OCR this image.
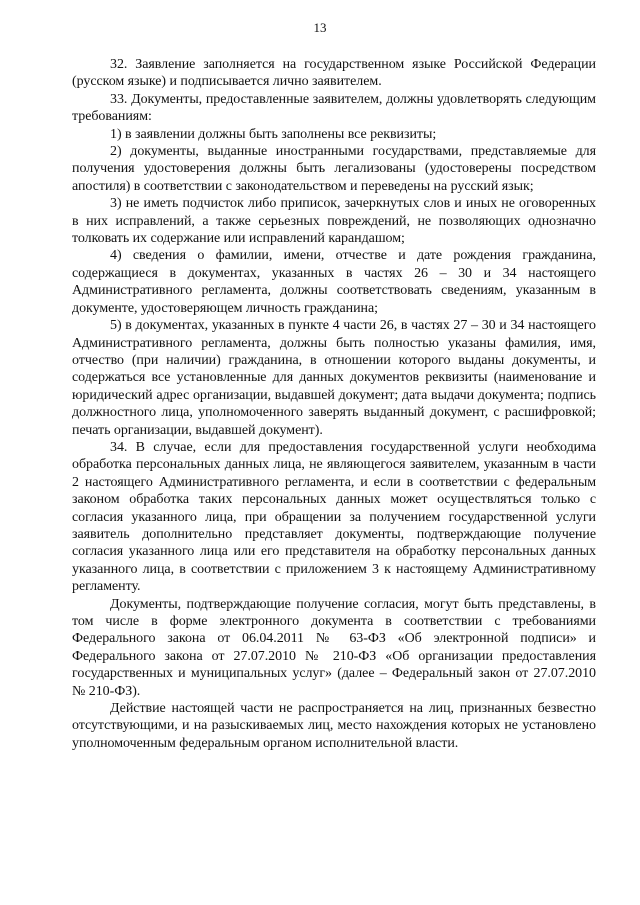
13

32. Заявление заполняется на государственном языке Российской Федерации (русском языке) и подписывается лично заявителем.

33. Документы, предоставленные заявителем, должны удовлетворять следующим требованиям:

1) в заявлении должны быть заполнены все реквизиты;

2) документы, выданные иностранными государствами, представляемые для получения удостоверения должны быть легализованы (удостоверены посредством апостиля) в соответствии с законодательством и переведены на русский язык;

3) не иметь подчисток либо приписок, зачеркнутых слов и иных не оговоренных в них исправлений, а также серьезных повреждений, не позволяющих однозначно толковать их содержание или исправлений карандашом;

4) сведения о фамилии, имени, отчестве и дате рождения гражданина, содержащиеся в документах, указанных в частях 26 – 30 и 34 настоящего Административного регламента, должны соответствовать сведениям, указанным в документе, удостоверяющем личность гражданина;

5) в документах, указанных в пункте 4 части 26, в частях 27 – 30 и 34 настоящего Административного регламента, должны быть полностью указаны фамилия, имя, отчество (при наличии) гражданина, в отношении которого выданы документы, и содержаться все установленные для данных документов реквизиты (наименование и юридический адрес организации, выдавшей документ; дата выдачи документа; подпись должностного лица, уполномоченного заверять выданный документ, с расшифровкой; печать организации, выдавшей документ).

34. В случае, если для предоставления государственной услуги необходима обработка персональных данных лица, не являющегося заявителем, указанным в части 2 настоящего Административного регламента, и если в соответствии с федеральным законом обработка таких персональных данных может осуществляться только с согласия указанного лица, при обращении за получением государственной услуги заявитель дополнительно представляет документы, подтверждающие получение согласия указанного лица или его представителя на обработку персональных данных указанного лица, в соответствии с приложением 3 к настоящему Административному регламенту.

Документы, подтверждающие получение согласия, могут быть представлены, в том числе в форме электронного документа в соответствии с требованиями Федерального закона от 06.04.2011 № 63-ФЗ «Об электронной подписи» и Федерального закона от 27.07.2010 № 210-ФЗ «Об организации предоставления государственных и муниципальных услуг» (далее – Федеральный закон от 27.07.2010 № 210-ФЗ).

Действие настоящей части не распространяется на лиц, признанных безвестно отсутствующими, и на разыскиваемых лиц, место нахождения которых не установлено уполномоченным федеральным органом исполнительной власти.
